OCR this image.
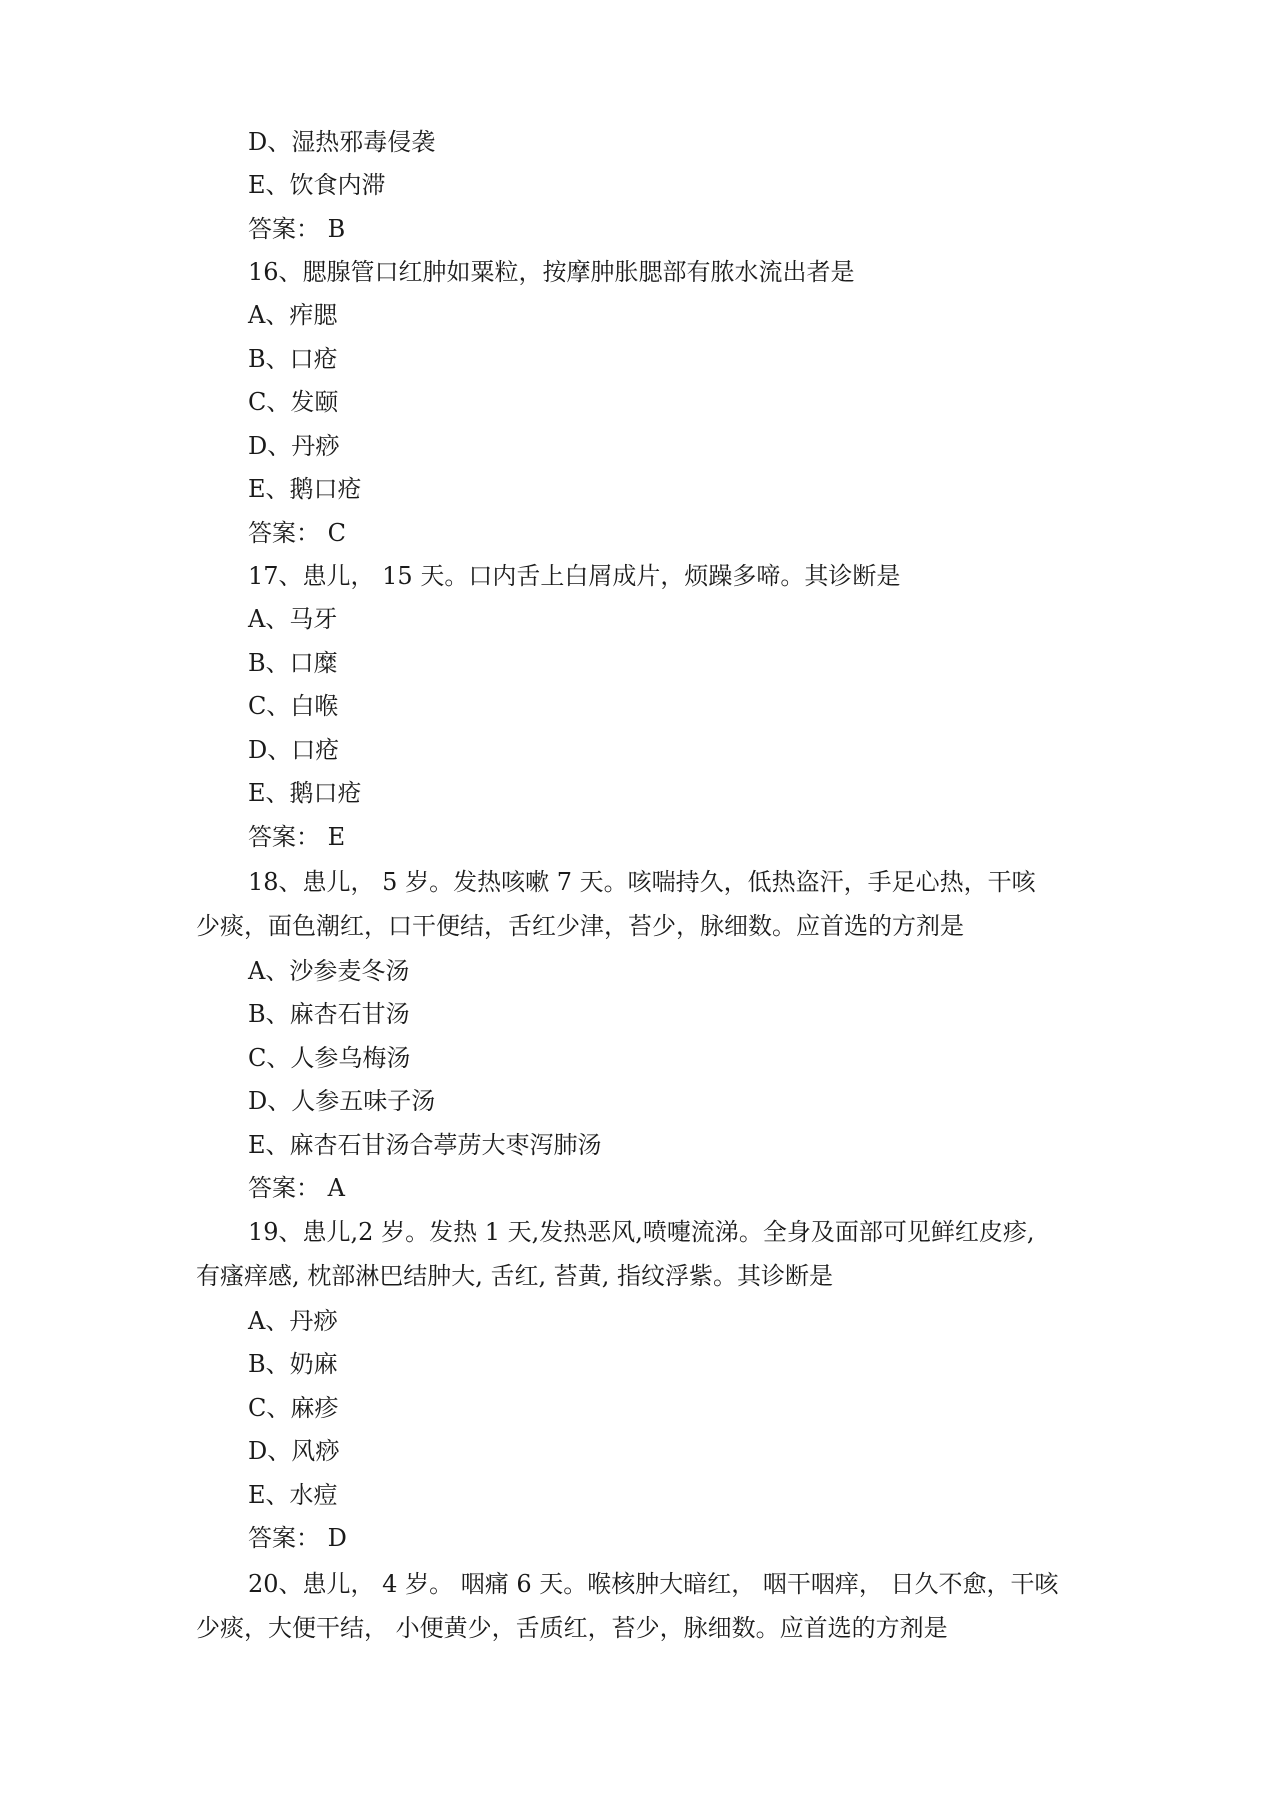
D、湿热邪毒侵袭
E、饮食内滞
答案： B
16、腮腺管口红肿如粟粒，按摩肿胀腮部有脓水流出者是
A、痄腮
B、口疮
C、发颐
D、丹痧
E、鹅口疮
答案： C
17、患儿， 15 天。口内舌上白屑成片，烦躁多啼。其诊断是
A、马牙
B、口糜
C、白喉
D、口疮
E、鹅口疮
答案： E
18、患儿， 5 岁。发热咳嗽 7 天。咳喘持久，低热盗汗，手足心热，干咳
少痰，面色潮红，口干便结，舌红少津，苔少，脉细数。应首选的方剂是
A、沙参麦冬汤
B、麻杏石甘汤
C、人参乌梅汤
D、人参五味子汤
E、麻杏石甘汤合葶苈大枣泻肺汤
答案： A
19、患儿,2 岁。发热 1 天,发热恶风,喷嚏流涕。全身及面部可见鲜红皮疹,
有瘙痒感, 枕部淋巴结肿大, 舌红, 苔黄, 指纹浮紫。其诊断是
A、丹痧
B、奶麻
C、麻疹
D、风痧
E、水痘
答案： D
20、患儿， 4 岁。 咽痛 6 天。喉核肿大暗红， 咽干咽痒， 日久不愈，干咳
少痰，大便干结， 小便黄少，舌质红，苔少，脉细数。应首选的方剂是
